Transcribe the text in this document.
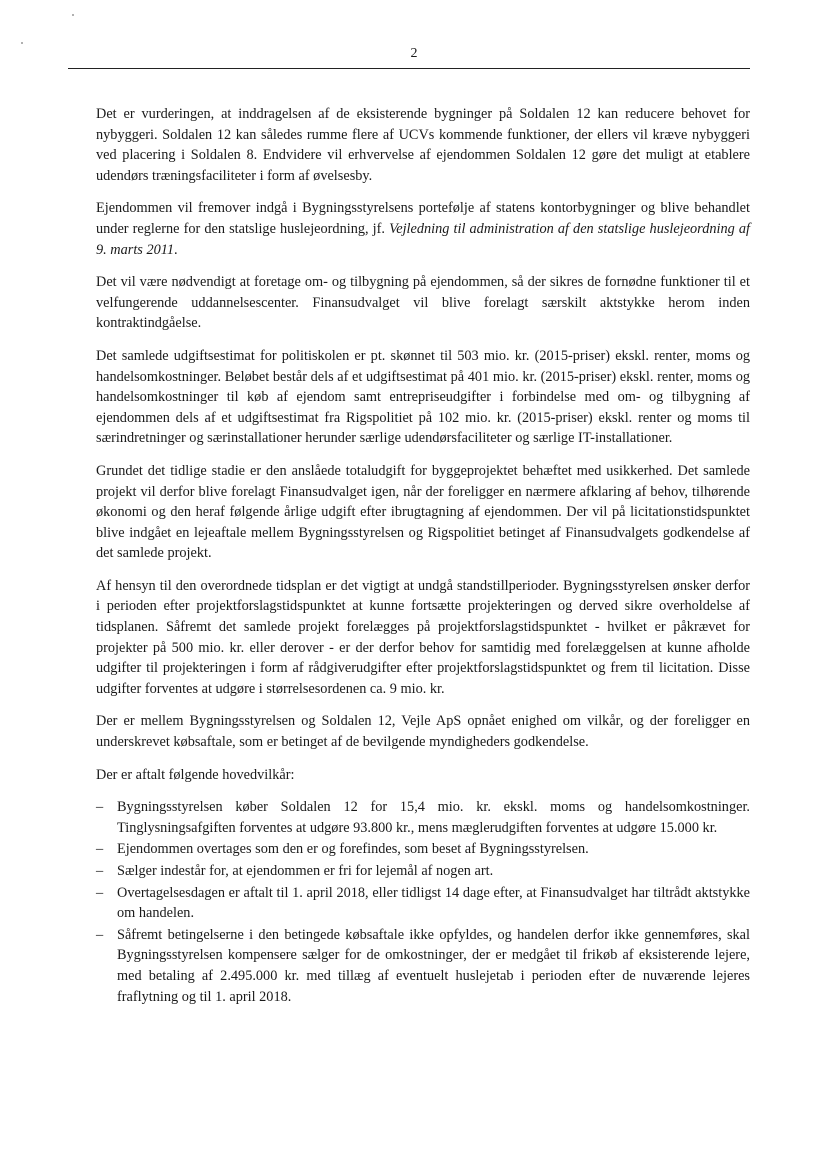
2

Det er vurderingen, at inddragelsen af de eksisterende bygninger på Soldalen 12 kan reducere behovet for nybyggeri. Soldalen 12 kan således rumme flere af UCVs kommende funktioner, der ellers vil kræve nybyggeri ved placering i Soldalen 8. Endvidere vil erhvervelse af ejendommen Soldalen 12 gøre det muligt at etablere udendørs træningsfaciliteter i form af øvelsesby.

Ejendommen vil fremover indgå i Bygningsstyrelsens portefølje af statens kontorbygninger og blive behandlet under reglerne for den statslige huslejeordning, jf. Vejledning til administration af den statslige huslejeordning af 9. marts 2011.

Det vil være nødvendigt at foretage om- og tilbygning på ejendommen, så der sikres de fornødne funktioner til et velfungerende uddannelsescenter. Finansudvalget vil blive forelagt særskilt aktstykke herom inden kontraktindgåelse.

Det samlede udgiftsestimat for politiskolen er pt. skønnet til 503 mio. kr. (2015-priser) ekskl. renter, moms og handelsomkostninger. Beløbet består dels af et udgiftsestimat på 401 mio. kr. (2015-priser) ekskl. renter, moms og handelsomkostninger til køb af ejendom samt entrepriseudgifter i forbindelse med om- og tilbygning af ejendommen dels af et udgiftsestimat fra Rigspolitiet på 102 mio. kr. (2015-priser) ekskl. renter og moms til særindretninger og særinstallationer herunder særlige udendørsfaciliteter og særlige IT-installationer.

Grundet det tidlige stadie er den anslåede totaludgift for byggeprojektet behæftet med usikkerhed. Det samlede projekt vil derfor blive forelagt Finansudvalget igen, når der foreligger en nærmere afklaring af behov, tilhørende økonomi og den heraf følgende årlige udgift efter ibrugtagning af ejendommen. Der vil på licitationstidspunktet blive indgået en lejeaftale mellem Bygningsstyrelsen og Rigspolitiet betinget af Finansudvalgets godkendelse af det samlede projekt.

Af hensyn til den overordnede tidsplan er det vigtigt at undgå standstillperioder. Bygningsstyrelsen ønsker derfor i perioden efter projektforslagstidspunktet at kunne fortsætte projekteringen og derved sikre overholdelse af tidsplanen. Såfremt det samlede projekt forelægges på projektforslagstidspunktet - hvilket er påkrævet for projekter på 500 mio. kr. eller derover - er der derfor behov for samtidig med forelæggelsen at kunne afholde udgifter til projekteringen i form af rådgiverudgifter efter projektforslagstidspunktet og frem til licitation. Disse udgifter forventes at udgøre i størrelsesordenen ca. 9 mio. kr.

Der er mellem Bygningsstyrelsen og Soldalen 12, Vejle ApS opnået enighed om vilkår, og der foreligger en underskrevet købsaftale, som er betinget af de bevilgende myndigheders godkendelse.

Der er aftalt følgende hovedvilkår:

– Bygningsstyrelsen køber Soldalen 12 for 15,4 mio. kr. ekskl. moms og handelsomkostninger. Tinglysningsafgiften forventes at udgøre 93.800 kr., mens mæglerudgiften forventes at udgøre 15.000 kr.
– Ejendommen overtages som den er og forefindes, som beset af Bygningsstyrelsen.
– Sælger indestår for, at ejendommen er fri for lejemål af nogen art.
– Overtagelsesdagen er aftalt til 1. april 2018, eller tidligst 14 dage efter, at Finansudvalget har tiltrådt aktstykke om handelen.
– Såfremt betingelserne i den betingede købsaftale ikke opfyldes, og handelen derfor ikke gennemføres, skal Bygningsstyrelsen kompensere sælger for de omkostninger, der er medgået til frikøb af eksisterende lejere, med betaling af 2.495.000 kr. med tillæg af eventuelt huslejetab i perioden efter de nuværende lejeres fraflytning og til 1. april 2018.
